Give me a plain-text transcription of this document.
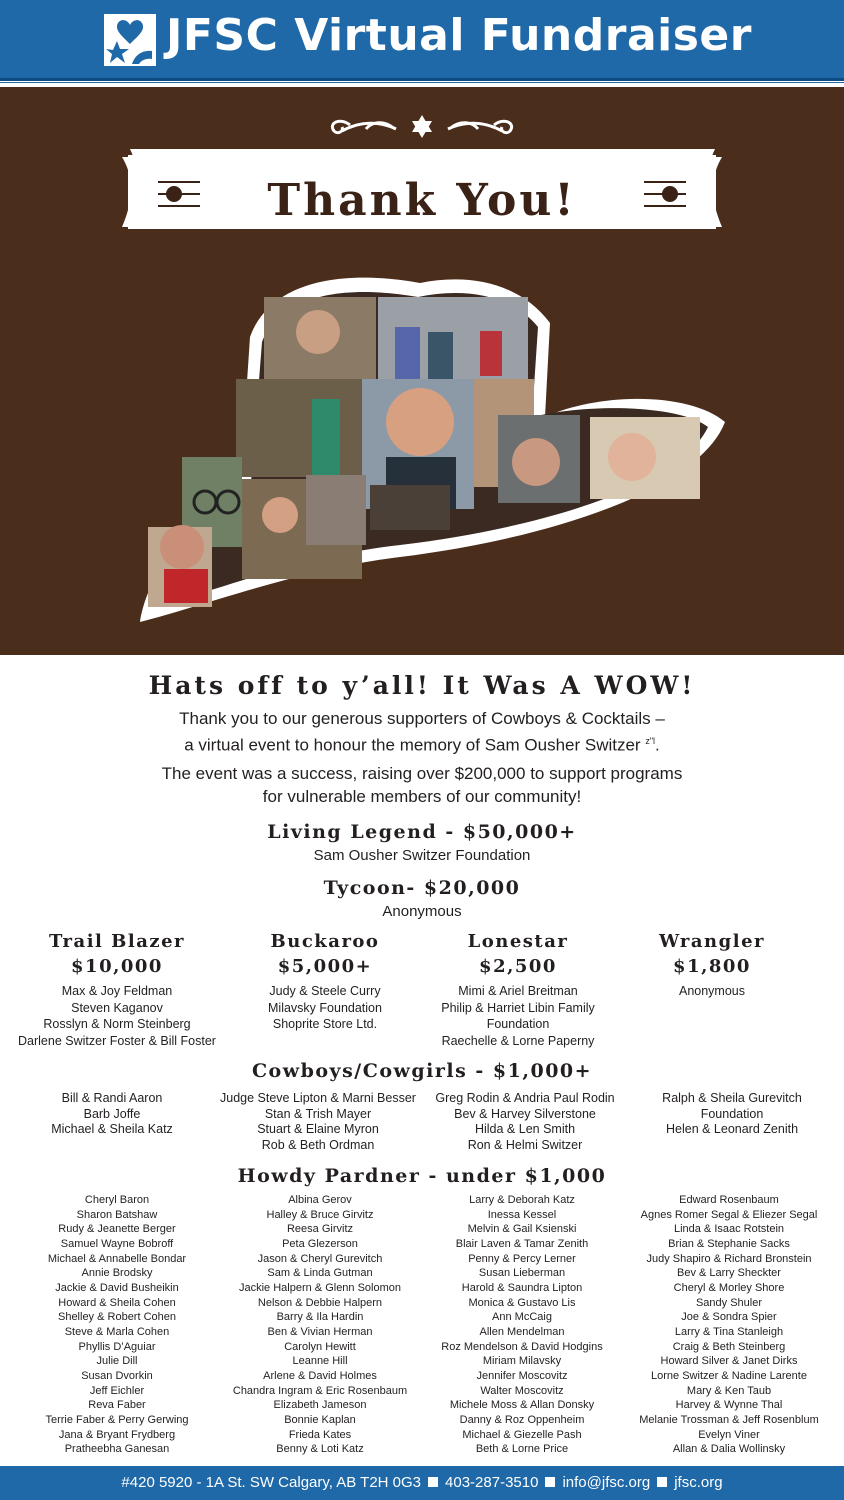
JFSC Virtual Fundraiser
Thank You!
Hats off to y’all! It Was A WOW!
Thank you to our generous supporters of Cowboys & Cocktails –
a virtual event to honour the memory of Sam Ousher Switzer $^{z"l}$.
The event was a success, raising over $200,000 to support programs
for vulnerable members of our community!
Living Legend - $50,000+
Sam Ousher Switzer Foundation
Tycoon- $20,000
Anonymous
Trail Blazer
$10,000
Buckaroo
$5,000+
Lonestar
$2,500
Wrangler
$1,800
Max & Joy Feldman
Steven Kaganov
Rosslyn & Norm Steinberg
Darlene Switzer Foster & Bill Foster
Judy & Steele Curry
Milavsky Foundation
Shoprite Store Ltd.
Mimi & Ariel Breitman
Philip & Harriet Libin Family
Foundation
Raechelle & Lorne Paperny
Anonymous
Cowboys/Cowgirls - $1,000+
Bill & Randi Aaron
Barb Joffe
Michael & Sheila Katz
Judge Steve Lipton & Marni Besser
Stan & Trish Mayer
Stuart & Elaine Myron
Rob & Beth Ordman
Greg Rodin & Andria Paul Rodin
Bev & Harvey Silverstone
Hilda & Len Smith
Ron & Helmi Switzer
Ralph & Sheila Gurevitch
Foundation
Helen & Leonard Zenith
Howdy Pardner - under $1,000
Cheryl Baron
Sharon Batshaw
Rudy & Jeanette Berger
Samuel Wayne Bobroff
Michael & Annabelle Bondar
Annie Brodsky
Jackie & David Busheikin
Howard & Sheila Cohen
Shelley & Robert Cohen
Steve & Marla Cohen
Phyllis D’Aguiar
Julie Dill
Susan Dvorkin
Jeff Eichler
Reva Faber
Terrie Faber & Perry Gerwing
Jana & Bryant Frydberg
Pratheebha Ganesan
Albina Gerov
Halley & Bruce Girvitz
Reesa Girvitz
Peta Glezerson
Jason & Cheryl Gurevitch
Sam & Linda Gutman
Jackie Halpern & Glenn Solomon
Nelson & Debbie Halpern
Barry & Ila Hardin
Ben & Vivian Herman
Carolyn Hewitt
Leanne Hill
Arlene & David Holmes
Chandra Ingram & Eric Rosenbaum
Elizabeth Jameson
Bonnie Kaplan
Frieda Kates
Benny & Loti Katz
Larry & Deborah Katz
Inessa Kessel
Melvin & Gail Ksienski
Blair Laven & Tamar Zenith
Penny & Percy Lerner
Susan Lieberman
Harold & Saundra Lipton
Monica & Gustavo Lis
Ann McCaig
Allen Mendelman
Roz Mendelson & David Hodgins
Miriam Milavsky
Jennifer Moscovitz
Walter Moscovitz
Michele Moss & Allan Donsky
Danny & Roz Oppenheim
Michael & Giezelle Pash
Beth & Lorne Price
Edward Rosenbaum
Agnes Romer Segal & Eliezer Segal
Linda & Isaac Rotstein
Brian & Stephanie Sacks
Judy Shapiro & Richard Bronstein
Bev & Larry Sheckter
Cheryl & Morley Shore
Sandy Shuler
Joe & Sondra Spier
Larry & Tina Stanleigh
Craig & Beth Steinberg
Howard Silver & Janet Dirks
Lorne Switzer & Nadine Larente
Mary & Ken Taub
Harvey & Wynne Thal
Melanie Trossman & Jeff Rosenblum
Evelyn Viner
Allan & Dalia Wollinsky
#420 5920 - 1A St. SW Calgary, AB T2H 0G3 403-287-3510 info@jfsc.org jfsc.org
